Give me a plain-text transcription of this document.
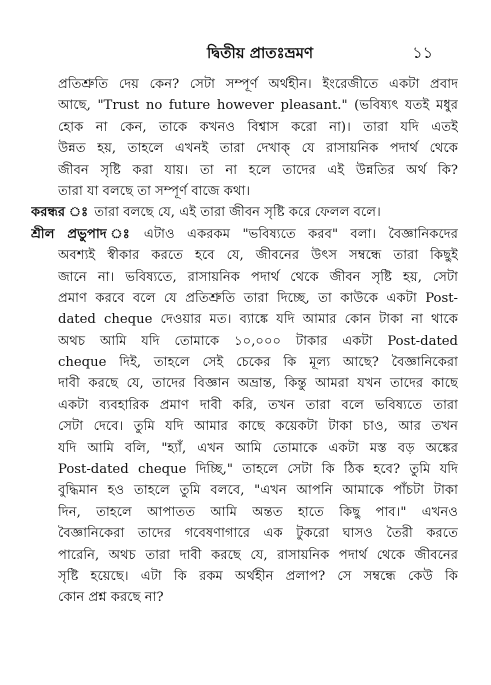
দ্বিতীয় প্রাতঃভ্রমণ	১১
প্রতিশ্রুতি দেয় কেন? সেটা সম্পূর্ণ অর্থহীন। ইংরেজীতে একটা প্রবাদ
আছে, "Trust no future however pleasant." (ভবিষ্যৎ যতই মধুর
হোক না কেন, তাকে কখনও বিশ্বাস করো না)। তারা যদি এতই
উন্নত হয়, তাহলে এখনই তারা দেখাক্ যে রাসায়নিক পদার্থ থেকে
জীবন সৃষ্টি করা যায়। তা না হলে তাদের এই উন্নতির অর্থ কি?
তারা যা বলছে তা সম্পূর্ণ বাজে কথা।
করন্ধর ঃ তারা বলছে যে, এই তারা জীবন সৃষ্টি করে ফেলল বলে।
শ্রীল প্রভুপাদ ঃ এটাও একরকম "ভবিষ্যতে করব" বলা। বৈজ্ঞানিকদের
অবশ্যই স্বীকার করতে হবে যে, জীবনের উৎস সম্বন্ধে তারা কিছুই
জানে না। ভবিষ্যতে, রাসায়নিক পদার্থ থেকে জীবন সৃষ্টি হয়, সেটা
প্রমাণ করবে বলে যে প্রতিশ্রুতি তারা দিচ্ছে, তা কাউকে একটা Post-
dated cheque দেওয়ার মত। ব্যাঙ্কে যদি আমার কোন টাকা না থাকে
অথচ আমি যদি তোমাকে ১০,০০০ টাকার একটা Post-dated
cheque দিই, তাহলে সেই চেকের কি মূল্য আছে? বৈজ্ঞানিকেরা
দাবী করছে যে, তাদের বিজ্ঞান অভ্রান্ত, কিন্তু আমরা যখন তাদের কাছে
একটা ব্যবহারিক প্রমাণ দাবী করি, তখন তারা বলে ভবিষ্যতে তারা
সেটা দেবে। তুমি যদি আমার কাছে কয়েকটা টাকা চাও, আর তখন
যদি আমি বলি, "হ্যাঁ, এখন আমি তোমাকে একটা মস্ত বড় অঙ্কের
Post-dated cheque দিচ্ছি," তাহলে সেটা কি ঠিক হবে? তুমি যদি
বুদ্ধিমান হও তাহলে তুমি বলবে, "এখন আপনি আমাকে পাঁচটা টাকা
দিন, তাহলে আপাতত আমি অন্তত হাতে কিছু পাব।" এখনও
বৈজ্ঞানিকেরা তাদের গবেষণাগারে এক টুকরো ঘাসও তৈরী করতে
পারেনি, অথচ তারা দাবী করছে যে, রাসায়নিক পদার্থ থেকে জীবনের
সৃষ্টি হয়েছে। এটা কি রকম অর্থহীন প্রলাপ? সে সম্বন্ধে কেউ কি
কোন প্রশ্ন করছে না?
